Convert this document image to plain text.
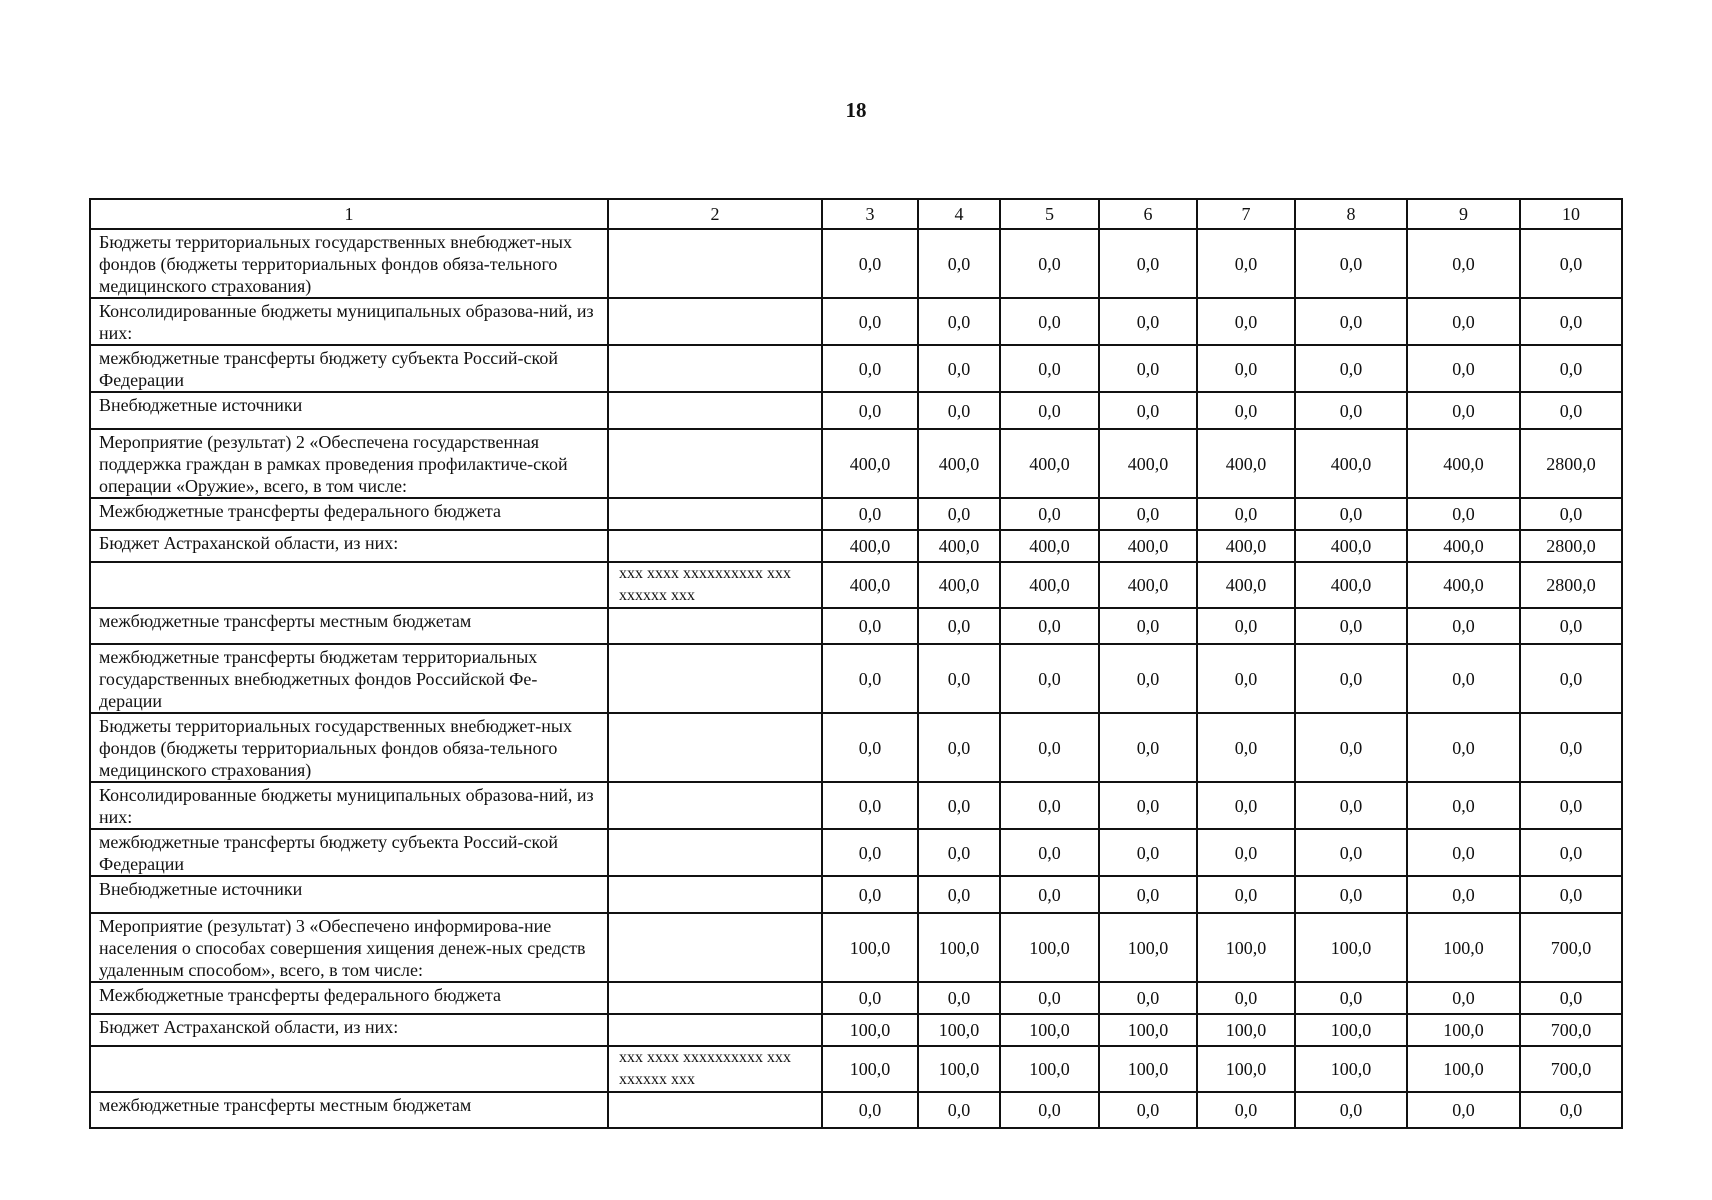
18
1	2	3	4	5	6	7	8	9	10
Бюджеты территориальных государственных внебюджет-ных фондов (бюджеты территориальных фондов обяза-тельного медицинского страхования)		0,0	0,0	0,0	0,0	0,0	0,0	0,0	0,0
Консолидированные бюджеты муниципальных образова-ний, из них:		0,0	0,0	0,0	0,0	0,0	0,0	0,0	0,0
межбюджетные трансферты бюджету субъекта Россий-ской Федерации		0,0	0,0	0,0	0,0	0,0	0,0	0,0	0,0
Внебюджетные источники		0,0	0,0	0,0	0,0	0,0	0,0	0,0	0,0
Мероприятие (результат) 2 «Обеспечена государственная поддержка граждан в рамках проведения профилактиче-ской операции «Оружие», всего, в том числе:		400,0	400,0	400,0	400,0	400,0	400,0	400,0	2800,0
Межбюджетные трансферты федерального бюджета		0,0	0,0	0,0	0,0	0,0	0,0	0,0	0,0
Бюджет Астраханской области, из них:		400,0	400,0	400,0	400,0	400,0	400,0	400,0	2800,0
	ххх хххх хххххххххх ххх хххххх ххх	400,0	400,0	400,0	400,0	400,0	400,0	400,0	2800,0
межбюджетные трансферты местным бюджетам		0,0	0,0	0,0	0,0	0,0	0,0	0,0	0,0
межбюджетные трансферты бюджетам территориальных государственных внебюджетных фондов Российской Фе-дерации		0,0	0,0	0,0	0,0	0,0	0,0	0,0	0,0
Бюджеты территориальных государственных внебюджет-ных фондов (бюджеты территориальных фондов обяза-тельного медицинского страхования)		0,0	0,0	0,0	0,0	0,0	0,0	0,0	0,0
Консолидированные бюджеты муниципальных образова-ний, из них:		0,0	0,0	0,0	0,0	0,0	0,0	0,0	0,0
межбюджетные трансферты бюджету субъекта Россий-ской Федерации		0,0	0,0	0,0	0,0	0,0	0,0	0,0	0,0
Внебюджетные источники		0,0	0,0	0,0	0,0	0,0	0,0	0,0	0,0
Мероприятие (результат) 3 «Обеспечено информирова-ние населения о способах совершения хищения денеж-ных средств удаленным способом», всего, в том числе:		100,0	100,0	100,0	100,0	100,0	100,0	100,0	700,0
Межбюджетные трансферты федерального бюджета		0,0	0,0	0,0	0,0	0,0	0,0	0,0	0,0
Бюджет Астраханской области, из них:		100,0	100,0	100,0	100,0	100,0	100,0	100,0	700,0
	ххх хххх хххххххххх ххх хххххх ххх	100,0	100,0	100,0	100,0	100,0	100,0	100,0	700,0
межбюджетные трансферты местным бюджетам		0,0	0,0	0,0	0,0	0,0	0,0	0,0	0,0
